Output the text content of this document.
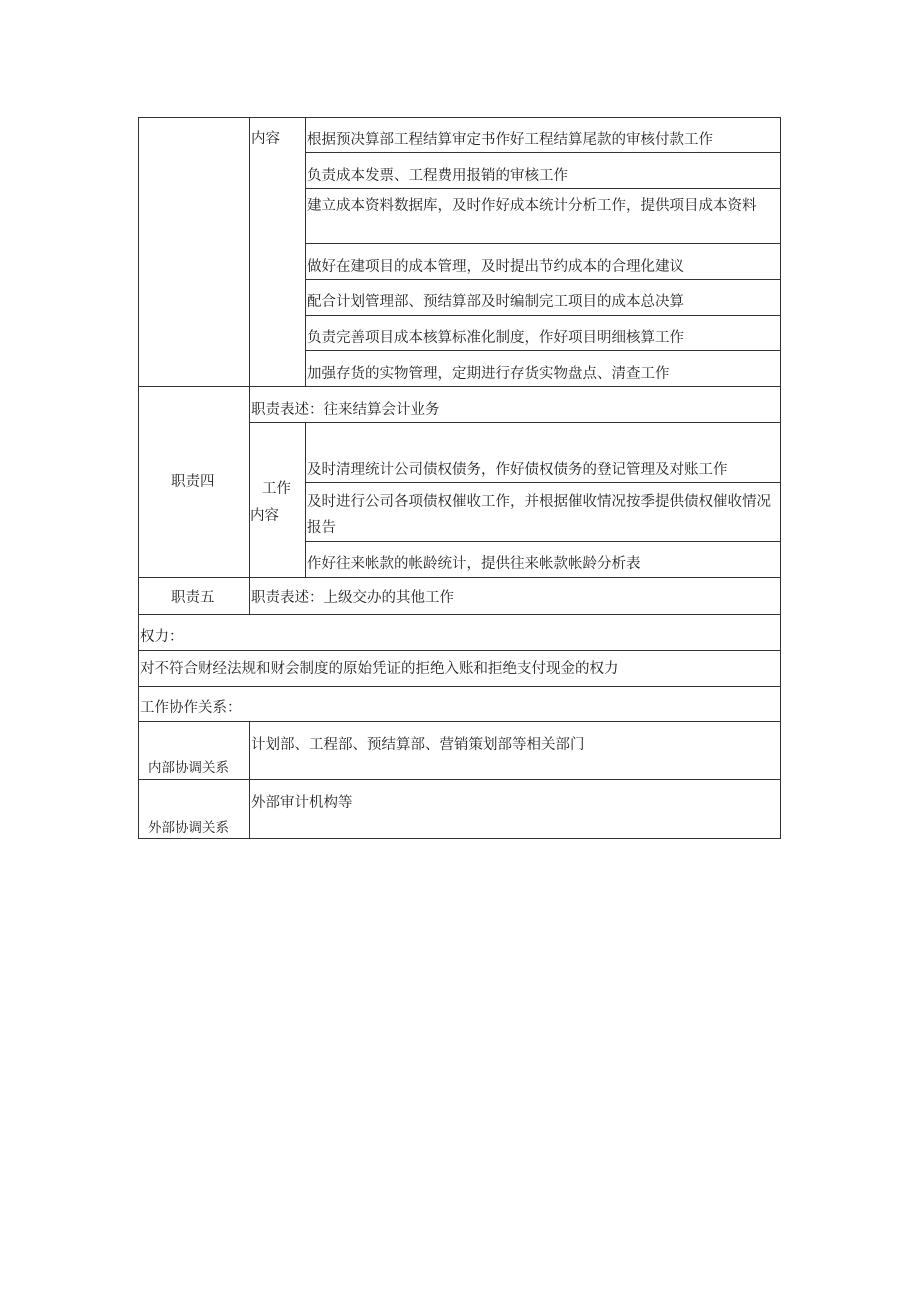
内容 根据预决算部工程结算审定书作好工程结算尾款的审核付款工作
负责成本发票、工程费用报销的审核工作
建立成本资料数据库，及时作好成本统计分析工作，提供项目成本资料
做好在建项目的成本管理，及时提出节约成本的合理化建议
配合计划管理部、预结算部及时编制完工项目的成本总决算
负责完善项目成本核算标准化制度，作好项目明细核算工作
加强存货的实物管理，定期进行存货实物盘点、清查工作
职责四
职责表述：往来结算会计业务
工作
内容
及时清理统计公司债权债务，作好债权债务的登记管理及对账工作
及时进行公司各项债权催收工作，并根据催收情况按季提供债权催收情况报告
作好往来帐款的帐龄统计，提供往来帐款帐龄分析表
职责五	职责表述：上级交办的其他工作
权力：
对不符合财经法规和财会制度的原始凭证的拒绝入账和拒绝支付现金的权力
工作协作关系：
内部协调关系
计划部、工程部、预结算部、营销策划部等相关部门
外部协调关系
外部审计机构等
